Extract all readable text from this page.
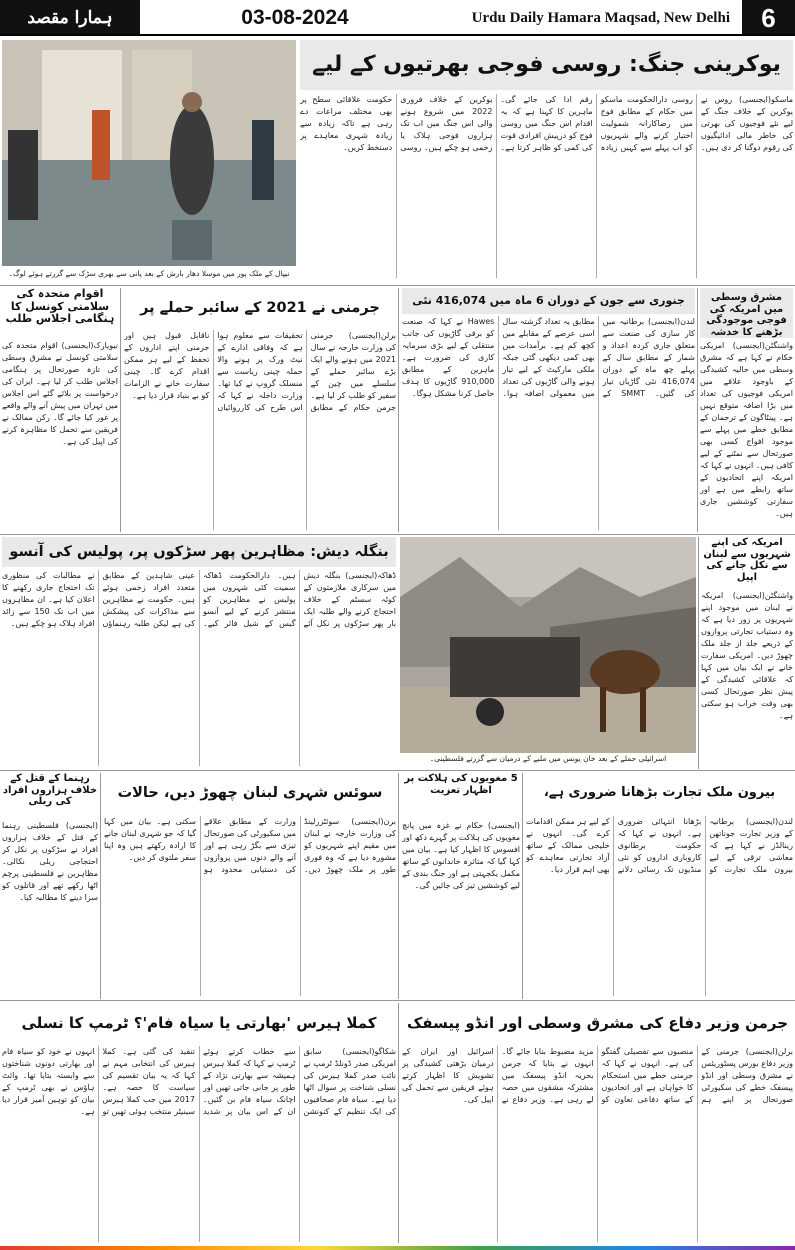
ہمارا مقصد	03-08-2024	Urdu Daily Hamara Maqsad, New Delhi	6
نیپال کے ملک پور میں موسلا دھار بارش کے بعد پانی سے بھری سڑک سے گزرتے ہوئے لوگ۔
یوکرینی جنگ: روسی فوجی بھرتیوں کے لیے
ماسکو(ایجنسی) روس نے یوکرین کے خلاف جنگ کے لیے نئے فوجیوں کی بھرتی کی خاطر مالی ادائیگیوں کی رقوم دوگنا کر دی ہیں۔ روسی دارالحکومت ماسکو میں حکام کے مطابق فوج میں رضاکارانہ شمولیت اختیار کرنے والے شہریوں کو اب پہلے سے کہیں زیادہ رقم ادا کی جائے گی۔ ماہرین کا کہنا ہے کہ یہ اقدام اس جنگ میں روسی فوج کو درپیش افرادی قوت کی کمی کو ظاہر کرتا ہے۔ یوکرین کے خلاف فروری 2022 میں شروع ہونے والی اس جنگ میں اب تک ہزاروں فوجی ہلاک یا زخمی ہو چکے ہیں۔ روسی حکومت علاقائی سطح پر بھی مختلف مراعات دے رہی ہے تاکہ زیادہ سے زیادہ شہری معاہدے پر دستخط کریں۔
اقوام متحدہ کی سلامتی کونسل کا ہنگامی اجلاس طلب
نیویارک(ایجنسی) اقوام متحدہ کی سلامتی کونسل نے مشرق وسطی کی تازہ صورتحال پر ہنگامی اجلاس طلب کر لیا ہے۔ ایران کی درخواست پر بلائے گئے اس اجلاس میں تہران میں پیش آنے والے واقعے پر غور کیا جائے گا۔ رکن ممالک نے فریقین سے تحمل کا مظاہرہ کرنے کی اپیل کی ہے۔
جرمنی نے 2021 کے سائبر حملے پر
برلن(ایجنسی) جرمنی کی وزارت خارجہ نے سال 2021 میں ہونے والے ایک بڑے سائبر حملے کے سلسلے میں چین کے سفیر کو طلب کر لیا ہے۔ جرمن حکام کے مطابق تحقیقات سے معلوم ہوا ہے کہ وفاقی ادارے کے نیٹ ورک پر ہونے والا حملہ چینی ریاست سے منسلک گروپ نے کیا تھا۔ وزارت داخلہ نے کہا کہ اس طرح کی کارروائیاں ناقابل قبول ہیں اور جرمنی اپنے اداروں کے تحفظ کے لیے ہر ممکن اقدام کرے گا۔ چینی سفارت خانے نے الزامات کو بے بنیاد قرار دیا ہے۔
جنوری سے جون کے دوران 6 ماہ میں 416,074 نئی
لندن(ایجنسی) برطانیہ میں کار سازی کی صنعت سے متعلق جاری کردہ اعداد و شمار کے مطابق سال کے پہلے چھ ماہ کے دوران 416,074 نئی گاڑیاں تیار کی گئیں۔ SMMT کے مطابق یہ تعداد گزشتہ سال اسی عرصے کے مقابلے میں کچھ کم ہے۔ برآمدات میں بھی کمی دیکھی گئی جبکہ ملکی مارکیٹ کے لیے تیار ہونے والی گاڑیوں کی تعداد میں معمولی اضافہ ہوا۔ Hawes نے کہا کہ صنعت کو برقی گاڑیوں کی جانب منتقلی کے لیے بڑی سرمایہ کاری کی ضرورت ہے۔ ماہرین کے مطابق 910,000 گاڑیوں کا ہدف حاصل کرنا مشکل ہوگا۔
مشرق وسطی میں امریکہ کی فوجی موجودگی بڑھنے کا خدشہ
واشنگٹن(ایجنسی) امریکی حکام نے کہا ہے کہ مشرق وسطی میں حالیہ کشیدگی کے باوجود علاقے میں امریکی فوجیوں کی تعداد میں بڑا اضافہ متوقع نہیں ہے۔ پینٹاگون کے ترجمان کے مطابق خطے میں پہلے سے موجود افواج کسی بھی صورتحال سے نمٹنے کے لیے کافی ہیں۔ انہوں نے کہا کہ امریکہ اپنے اتحادیوں کے ساتھ رابطے میں ہے اور سفارتی کوششیں جاری ہیں۔
بنگلہ دیش: مظاہرین پھر سڑکوں پر، پولیس کی آنسو
ڈھاکہ(ایجنسی) بنگلہ دیش میں سرکاری ملازمتوں کے کوٹہ سسٹم کے خلاف احتجاج کرنے والے طلبہ ایک بار پھر سڑکوں پر نکل آئے ہیں۔ دارالحکومت ڈھاکہ سمیت کئی شہروں میں پولیس نے مظاہرین کو منتشر کرنے کے لیے آنسو گیس کے شیل فائر کیے۔ عینی شاہدین کے مطابق متعدد افراد زخمی ہوئے ہیں۔ حکومت نے مظاہرین سے مذاکرات کی پیشکش کی ہے لیکن طلبہ رہنماؤں نے مطالبات کی منظوری تک احتجاج جاری رکھنے کا اعلان کیا ہے۔ ان مظاہروں میں اب تک 150 سے زائد افراد ہلاک ہو چکے ہیں۔
اسرائیلی حملے کے بعد خان یونس میں ملبے کے درمیان سے گزرتے فلسطینی۔
امریکہ کی اپنے شہریوں سے لبنان سے نکل جانے کی اپیل
واشنگٹن(ایجنسی) امریکہ نے لبنان میں موجود اپنے شہریوں پر زور دیا ہے کہ وہ دستیاب تجارتی پروازوں کے ذریعے جلد از جلد ملک چھوڑ دیں۔ امریکی سفارت خانے نے ایک بیان میں کہا کہ علاقائی کشیدگی کے پیش نظر صورتحال کسی بھی وقت خراب ہو سکتی ہے۔
رہنما کے قتل کے خلاف ہزاروں افراد کی ریلی
(ایجنسی) فلسطینی رہنما کے قتل کے خلاف ہزاروں افراد نے سڑکوں پر نکل کر احتجاجی ریلی نکالی۔ مظاہرین نے فلسطینی پرچم اٹھا رکھے تھے اور قاتلوں کو سزا دینے کا مطالبہ کیا۔
سوئس شہری لبنان چھوڑ دیں، حالات
برن(ایجنسی) سوئٹزرلینڈ کی وزارت خارجہ نے لبنان میں مقیم اپنے شہریوں کو مشورہ دیا ہے کہ وہ فوری طور پر ملک چھوڑ دیں۔ وزارت کے مطابق علاقے میں سکیورٹی کی صورتحال تیزی سے بگڑ رہی ہے اور آنے والے دنوں میں پروازوں کی دستیابی محدود ہو سکتی ہے۔ بیان میں کہا گیا کہ جو شہری لبنان جانے کا ارادہ رکھتے ہیں وہ اپنا سفر ملتوی کر دیں۔
5 مغویوں کی ہلاکت پر اظہار تعزیت
(ایجنسی) حکام نے غزہ میں پانچ مغویوں کی ہلاکت پر گہرے دکھ اور افسوس کا اظہار کیا ہے۔ بیان میں کہا گیا کہ متاثرہ خاندانوں کے ساتھ مکمل یکجہتی ہے اور جنگ بندی کے لیے کوششیں تیز کی جائیں گی۔
بیرون ملک تجارت بڑھانا ضروری ہے،
لندن(ایجنسی) برطانیہ کے وزیر تجارت جوناتھن رینالڈز نے کہا ہے کہ معاشی ترقی کے لیے بیرون ملک تجارت کو بڑھانا انتہائی ضروری ہے۔ انہوں نے کہا کہ حکومت برطانوی کاروباری اداروں کو نئی منڈیوں تک رسائی دلانے کے لیے ہر ممکن اقدامات کرے گی۔ انہوں نے خلیجی ممالک کے ساتھ آزاد تجارتی معاہدے کو بھی اہم قرار دیا۔
کملا ہیرس 'بھارتی یا سیاہ فام'؟ ٹرمپ کا نسلی
شکاگو(ایجنسی) سابق امریکی صدر ڈونلڈ ٹرمپ نے نائب صدر کملا ہیرس کی نسلی شناخت پر سوال اٹھا دیا ہے۔ سیاہ فام صحافیوں کی ایک تنظیم کے کنونشن سے خطاب کرتے ہوئے ٹرمپ نے کہا کہ کملا ہیرس ہمیشہ سے بھارتی نژاد کے طور پر جانی جاتی تھیں اور اچانک سیاہ فام بن گئیں۔ ان کے اس بیان پر شدید تنقید کی گئی ہے۔ کملا ہیرس کی انتخابی مہم نے کہا کہ یہ بیان تقسیم کی سیاست کا حصہ ہے۔ 2017 میں جب کملا ہیرس سینیٹر منتخب ہوئی تھیں تو انہوں نے خود کو سیاہ فام اور بھارتی دونوں شناختوں سے وابستہ بتایا تھا۔ وائٹ ہاؤس نے بھی ٹرمپ کے بیان کو توہین آمیز قرار دیا ہے۔
جرمن وزیر دفاع کی مشرق وسطی اور انڈو پیسفک
برلن(ایجنسی) جرمنی کے وزیر دفاع بورس پسٹوریئس نے مشرق وسطی اور انڈو پیسفک خطے کی سکیورٹی صورتحال پر اپنے ہم منصبوں سے تفصیلی گفتگو کی ہے۔ انہوں نے کہا کہ جرمنی خطے میں استحکام کا خواہاں ہے اور اتحادیوں کے ساتھ دفاعی تعاون کو مزید مضبوط بنایا جائے گا۔ انہوں نے بتایا کہ جرمن بحریہ انڈو پیسفک میں مشترکہ مشقوں میں حصہ لے رہی ہے۔ وزیر دفاع نے اسرائیل اور ایران کے درمیان بڑھتی کشیدگی پر تشویش کا اظہار کرتے ہوئے فریقین سے تحمل کی اپیل کی۔
